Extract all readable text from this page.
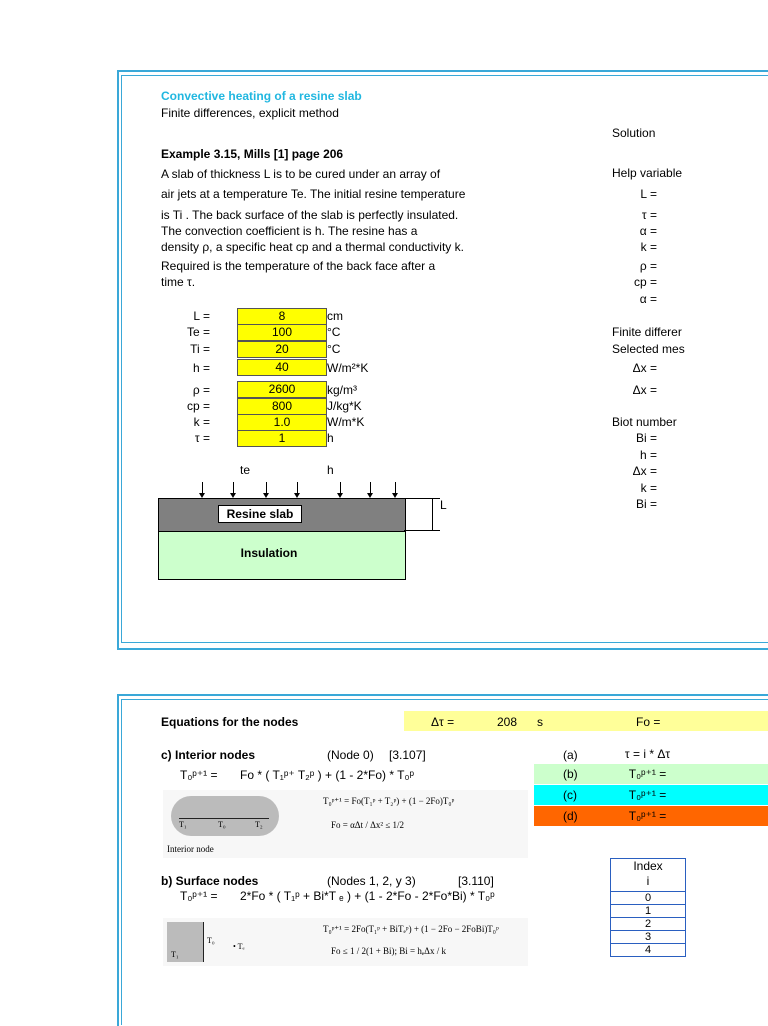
Convective heating of a resine slab
Finite differences, explicit method
Solution
Example 3.15, Mills [1] page 206
A slab of thickness L is to be cured under an array of
air jets at a temperature Te. The initial resine temperature
is Ti . The back surface of the slab is perfectly insulated.
The convection coefficient is h. The resine has a
density ρ, a specific heat cp and a thermal conductivity k.
Required is the temperature of the back face after a
time τ.
L =	8	cm
Te =	100	°C
Ti =	20	°C
h =	40	W/m²*K
ρ =	2600	kg/m³
cp =	800	J/kg*K
k =	1.0	W/m*K
τ =	1	h
te	h
Resine slab
Insulation
L
Help variable
L =
τ =
α =
k =
ρ =
cp =
α =
Finite differer
Selected mes
Δx =
Δx =
Biot number
Bi =
h =
Δx =
k =
Bi =
Equations for the nodes	Δτ =	208 s	Fo =
c) Interior nodes	(Node 0) [3.107]
T₀ᵖ⁺¹ = Fo * ( T₁ᵖ⁺ T₂ᵖ ) + (1 - 2*Fo) * T₀ᵖ
T₁	T₀	T₂
Interior node
T₀ᵖ⁺¹ = Fo(T₁ᵖ + T₂ᵖ) + (1 − 2Fo)T₀ᵖ
Fo = αΔt / Δx² ≤ 1/2
(a)	τ = i * Δτ
(b)	T₀ᵖ⁺¹ =
(c)	T₀ᵖ⁺¹ =
(d)	T₀ᵖ⁺¹ =
b) Surface nodes	(Nodes 1, 2, y 3)	[3.110]
T₀ᵖ⁺¹ = 2*Fo * ( T₁ᵖ + Bi*T ₑ ) + (1 - 2*Fo - 2*Fo*Bi) * T₀ᵖ
T₁
T₀
• Tₑ
T₀ᵖ⁺¹ = 2Fo(T₁ᵖ + BiTₑᵖ) + (1 − 2Fo − 2FoBi)T₀ᵖ
Fo ≤ 1 / 2(1 + Bi); Bi = hₑΔx / k
Index
i
0
1
2
3
4
